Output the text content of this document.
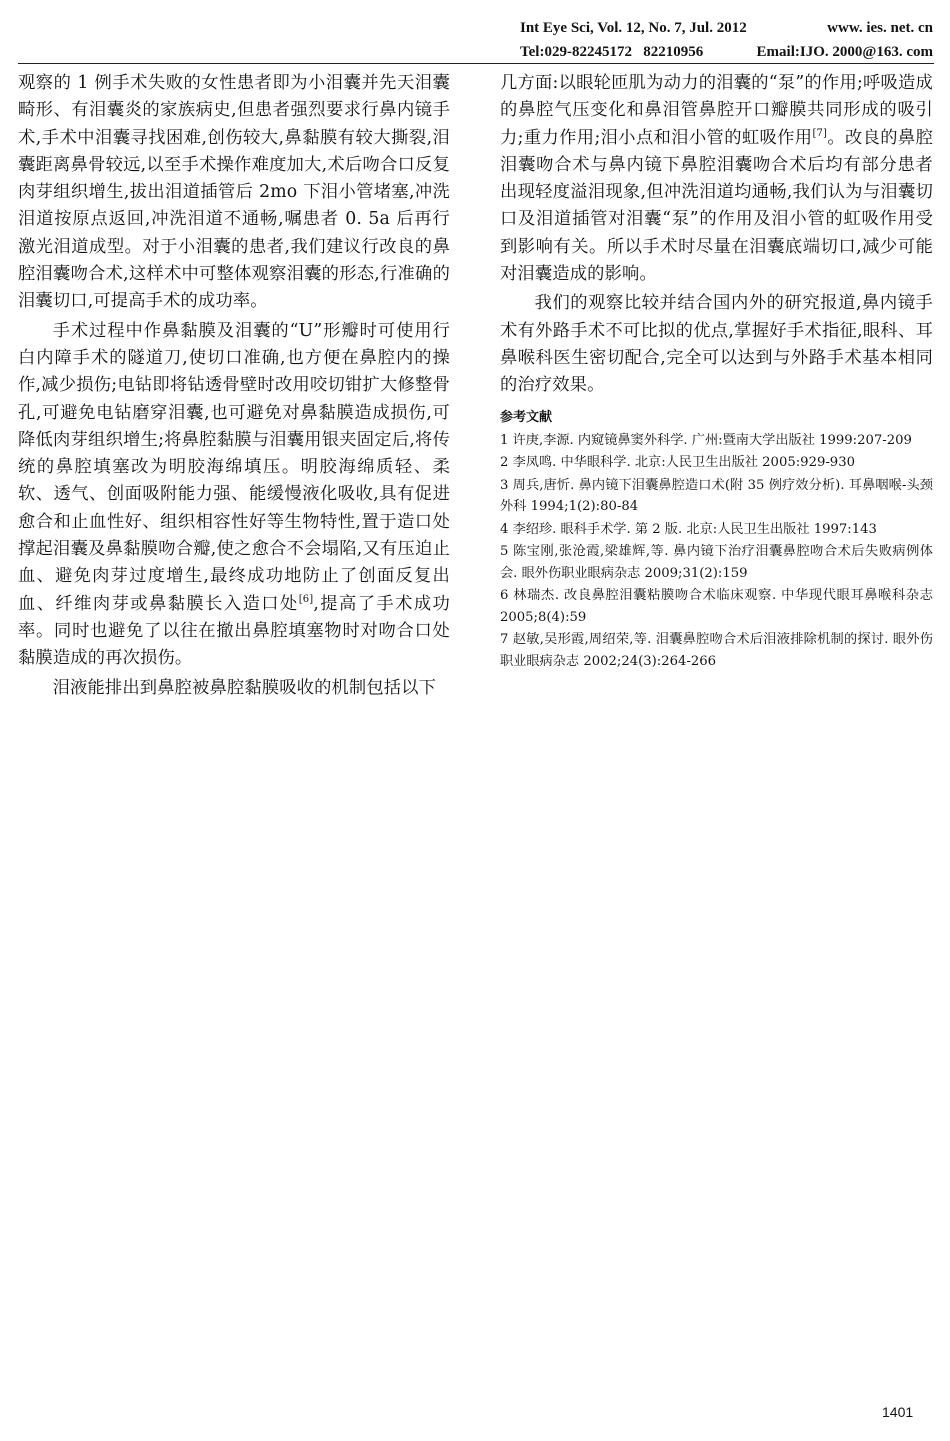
Int Eye Sci, Vol. 12, No. 7, Jul. 2012	www. ies. net. cn
Tel:029-82245172   82210956	Email:IJO. 2000@163. com

观察的 1 例手术失败的女性患者即为小泪囊并先天泪囊畸形、有泪囊炎的家族病史,但患者强烈要求行鼻内镜手术,手术中泪囊寻找困难,创伤较大,鼻黏膜有较大撕裂,泪囊距离鼻骨较远,以至手术操作难度加大,术后吻合口反复肉芽组织增生,拔出泪道插管后 2mo 下泪小管堵塞,冲洗泪道按原点返回,冲洗泪道不通畅,嘱患者 0. 5a 后再行激光泪道成型。对于小泪囊的患者,我们建议行改良的鼻腔泪囊吻合术,这样术中可整体观察泪囊的形态,行准确的泪囊切口,可提高手术的成功率。

手术过程中作鼻黏膜及泪囊的“U”形瓣时可使用行白内障手术的隧道刀,使切口准确,也方便在鼻腔内的操作,减少损伤;电钻即将钻透骨壁时改用咬切钳扩大修整骨孔,可避免电钻磨穿泪囊,也可避免对鼻黏膜造成损伤,可降低肉芽组织增生;将鼻腔黏膜与泪囊用银夹固定后,将传统的鼻腔填塞改为明胶海绵填压。明胶海绵质轻、柔软、透气、创面吸附能力强、能缓慢液化吸收,具有促进愈合和止血性好、组织相容性好等生物特性,置于造口处撑起泪囊及鼻黏膜吻合瓣,使之愈合不会塌陷,又有压迫止血、避免肉芽过度增生,最终成功地防止了创面反复出血、纤维肉芽或鼻黏膜长入造口处[6],提高了手术成功率。同时也避免了以往在撤出鼻腔填塞物时对吻合口处黏膜造成的再次损伤。

泪液能排出到鼻腔被鼻腔黏膜吸收的机制包括以下

几方面:以眼轮匝肌为动力的泪囊的“泵”的作用;呼吸造成的鼻腔气压变化和鼻泪管鼻腔开口瓣膜共同形成的吸引力;重力作用;泪小点和泪小管的虹吸作用[7]。改良的鼻腔泪囊吻合术与鼻内镜下鼻腔泪囊吻合术后均有部分患者出现轻度溢泪现象,但冲洗泪道均通畅,我们认为与泪囊切口及泪道插管对泪囊“泵”的作用及泪小管的虹吸作用受到影响有关。所以手术时尽量在泪囊底端切口,减少可能对泪囊造成的影响。

我们的观察比较并结合国内外的研究报道,鼻内镜手术有外路手术不可比拟的优点,掌握好手术指征,眼科、耳鼻喉科医生密切配合,完全可以达到与外路手术基本相同的治疗效果。

参考文献
1 许庚,李源. 内窥镜鼻窦外科学. 广州:暨南大学出版社 1999:207-209
2 李凤鸣. 中华眼科学. 北京:人民卫生出版社 2005:929-930
3 周兵,唐忻. 鼻内镜下泪囊鼻腔造口术(附 35 例疗效分析). 耳鼻咽喉-头颈外科 1994;1(2):80-84
4 李绍珍. 眼科手术学. 第 2 版. 北京:人民卫生出版社 1997:143
5 陈宝刚,张沧霞,梁雄辉,等. 鼻内镜下治疗泪囊鼻腔吻合术后失败病例体会. 眼外伤职业眼病杂志 2009;31(2):159
6 林瑞杰. 改良鼻腔泪囊粘膜吻合术临床观察. 中华现代眼耳鼻喉科杂志 2005;8(4):59
7 赵敏,吴形霞,周绍荣,等. 泪囊鼻腔吻合术后泪液排除机制的探讨. 眼外伤职业眼病杂志 2002;24(3):264-266
1401
